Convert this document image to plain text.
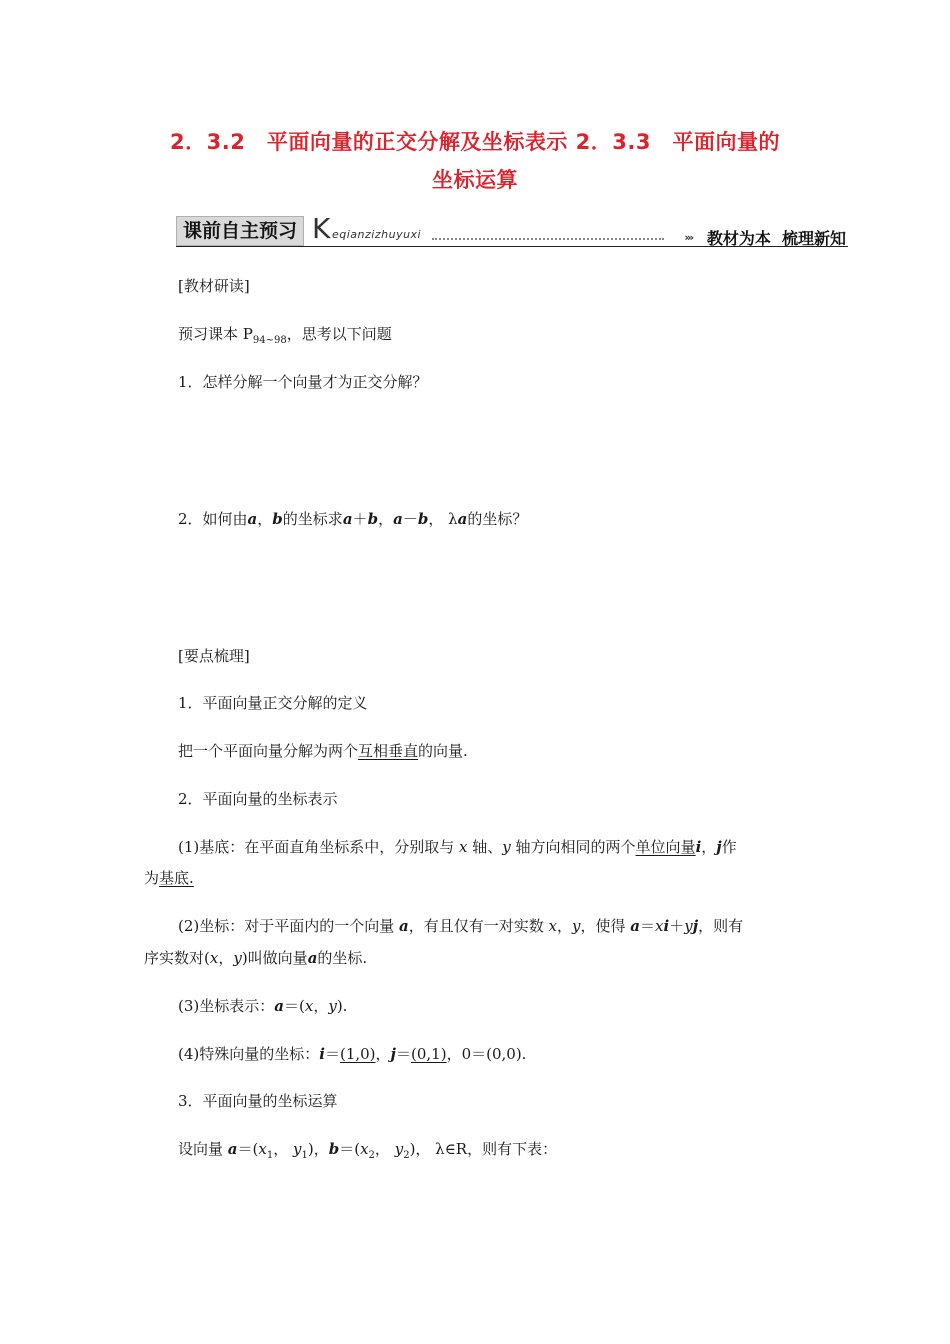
2．3.2　平面向量的正交分解及坐标表示 2．3.3　平面向量的
坐标运算
课前自主预习 K eqianzizhuyuxi	››› 教材为本  梳理新知
[教材研读]
预习课本 $P_{94\sim 98}$，思考以下问题
1．怎样分解一个向量才为正交分解？
2．如何由a，b的坐标求a＋b，a－b， λa的坐标？
[要点梳理]
1．平面向量正交分解的定义
把一个平面向量分解为两个互相垂直的向量.
2．平面向量的坐标表示
(1)基底：在平面直角坐标系中，分别取与 x 轴、y 轴方向相同的两个单位向量i，j作
为基底.
(2)坐标：对于平面内的一个向量 a，有且仅有一对实数 x，y，使得 a＝xi＋yj，则有
序实数对(x，y)叫做向量a的坐标.
(3)坐标表示：a＝(x，y).
(4)特殊向量的坐标：i＝(1,0)，j＝(0,1)，0＝(0,0).
3．平面向量的坐标运算
设向量 $a=(x_1$， $y_1$)，$b=(x_2$， $y_2$)， λ∈R，则有下表：
